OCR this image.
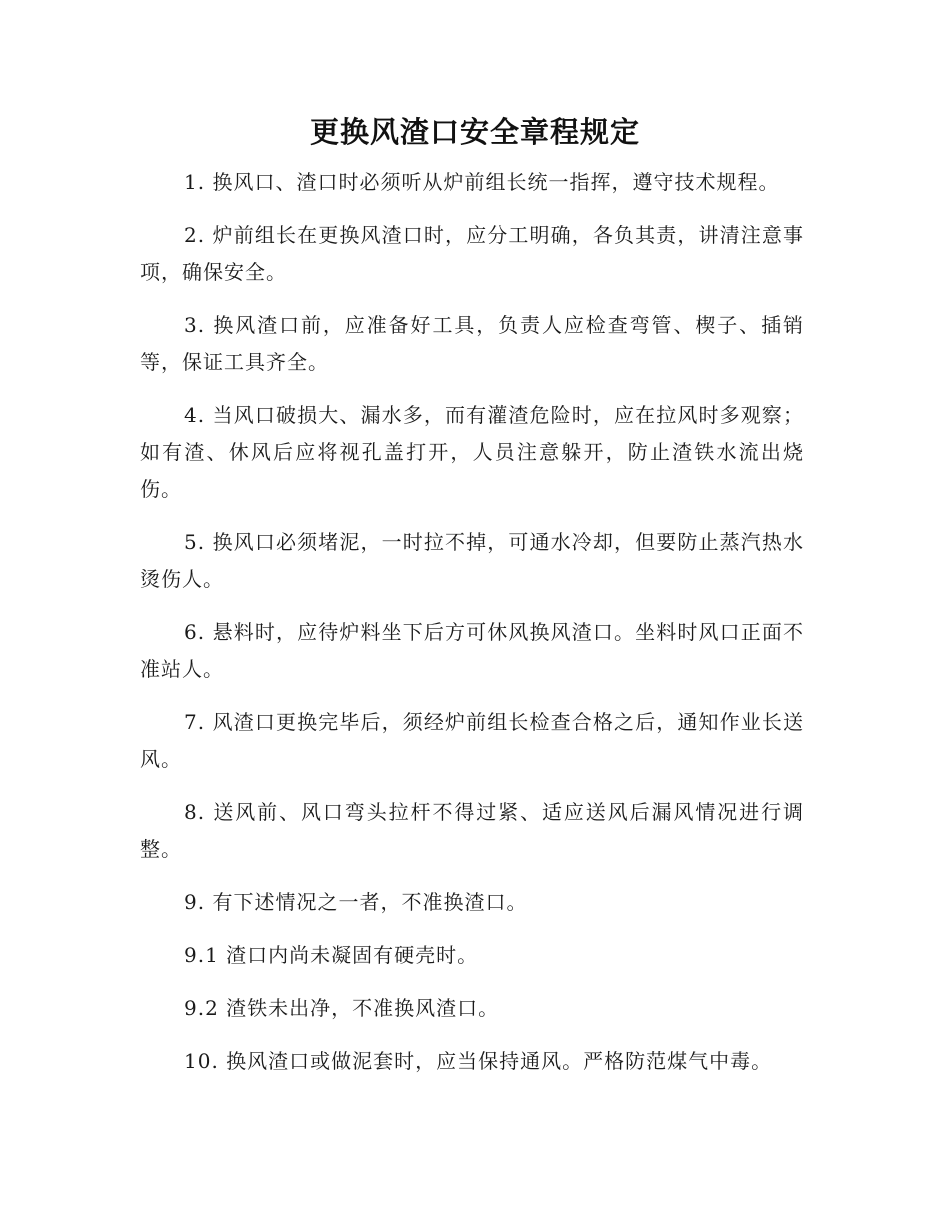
更换风渣口安全章程规定

1. 换风口、渣口时必须听从炉前组长统一指挥，遵守技术规程。

2. 炉前组长在更换风渣口时，应分工明确，各负其责，讲清注意事项，确保安全。

3. 换风渣口前，应准备好工具，负责人应检查弯管、楔子、插销等，保证工具齐全。

4. 当风口破损大、漏水多，而有灌渣危险时，应在拉风时多观察；如有渣、休风后应将视孔盖打开，人员注意躲开，防止渣铁水流出烧伤。

5. 换风口必须堵泥，一时拉不掉，可通水冷却，但要防止蒸汽热水烫伤人。

6. 悬料时，应待炉料坐下后方可休风换风渣口。坐料时风口正面不准站人。

7. 风渣口更换完毕后，须经炉前组长检查合格之后，通知作业长送风。

8. 送风前、风口弯头拉杆不得过紧、适应送风后漏风情况进行调整。

9. 有下述情况之一者，不准换渣口。

9.1 渣口内尚未凝固有硬壳时。

9.2 渣铁未出净，不准换风渣口。

10. 换风渣口或做泥套时，应当保持通风。严格防范煤气中毒。
